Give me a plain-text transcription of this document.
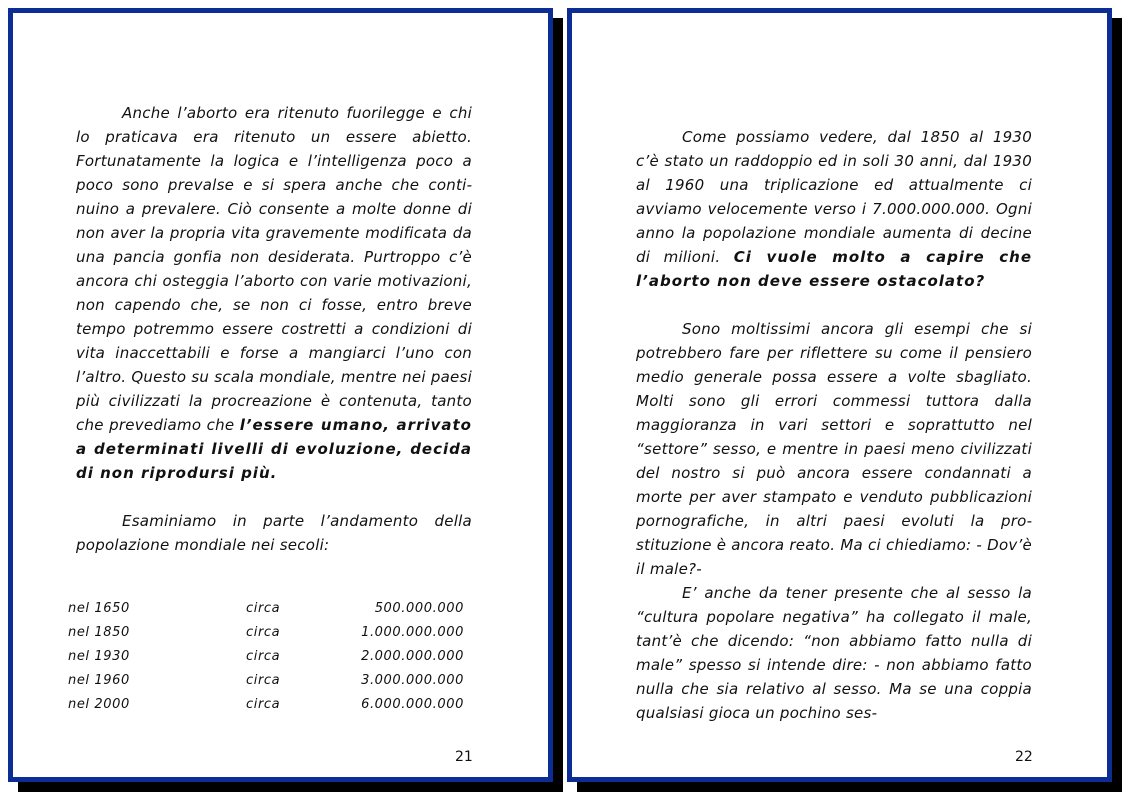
Anche l’aborto era ritenuto fuorilegge e chi lo praticava era ritenuto un essere abietto. Fortunatamente la logica e l’intelligenza poco a poco sono prevalse e si spera anche che continuino a prevalere. Ciò consente a molte donne di non aver la propria vita gravemente modificata da una pancia gonfia non desiderata. Purtroppo c’è ancora chi osteggia l’aborto con varie motivazioni, non capendo che, se non ci fosse, entro breve tempo potremmo essere costretti a condizioni di vita inaccettabili e forse a mangiarci l’uno con l’altro. Questo su scala mondiale, mentre nei paesi più civilizzati la procreazione è contenuta, tanto che prevediamo che l’essere umano, arrivato a determinati livelli di evoluzione, decida di non riprodursi più.

Esaminiamo in parte l’andamento della popolazione mondiale nei secoli:

nel 1650	circa	500.000.000
nel 1850	circa	1.000.000.000
nel 1930	circa	2.000.000.000
nel 1960	circa	3.000.000.000
nel 2000	circa	6.000.000.000
21

Come possiamo vedere, dal 1850 al 1930 c’è stato un raddoppio ed in soli 30 anni, dal 1930 al 1960 una triplicazione ed attualmente ci avviamo velocemente verso i 7.000.000.000. Ogni anno la popolazione mondiale aumenta di decine di milioni. Ci vuole molto a capire che l’aborto non deve essere ostacolato?

Sono moltissimi ancora gli esempi che si potrebbero fare per riflettere su come il pensiero medio generale possa essere a volte sbagliato. Molti sono gli errori commessi tuttora dalla maggioranza in vari settori e soprattutto nel “settore” sesso, e mentre in paesi meno civilizzati del nostro si può ancora essere condannati a morte per aver stampato e venduto pubblicazioni pornografiche, in altri paesi evoluti la prostituzione è ancora reato. Ma ci chiediamo: - Dov’è il male?-

E’ anche da tener presente che al sesso la “cultura popolare negativa” ha collegato il male, tant’è che dicendo: “non abbiamo fatto nulla di male” spesso si intende dire: - non abbiamo fatto nulla che sia relativo al sesso. Ma se una coppia qualsiasi gioca un pochino ses-

22
